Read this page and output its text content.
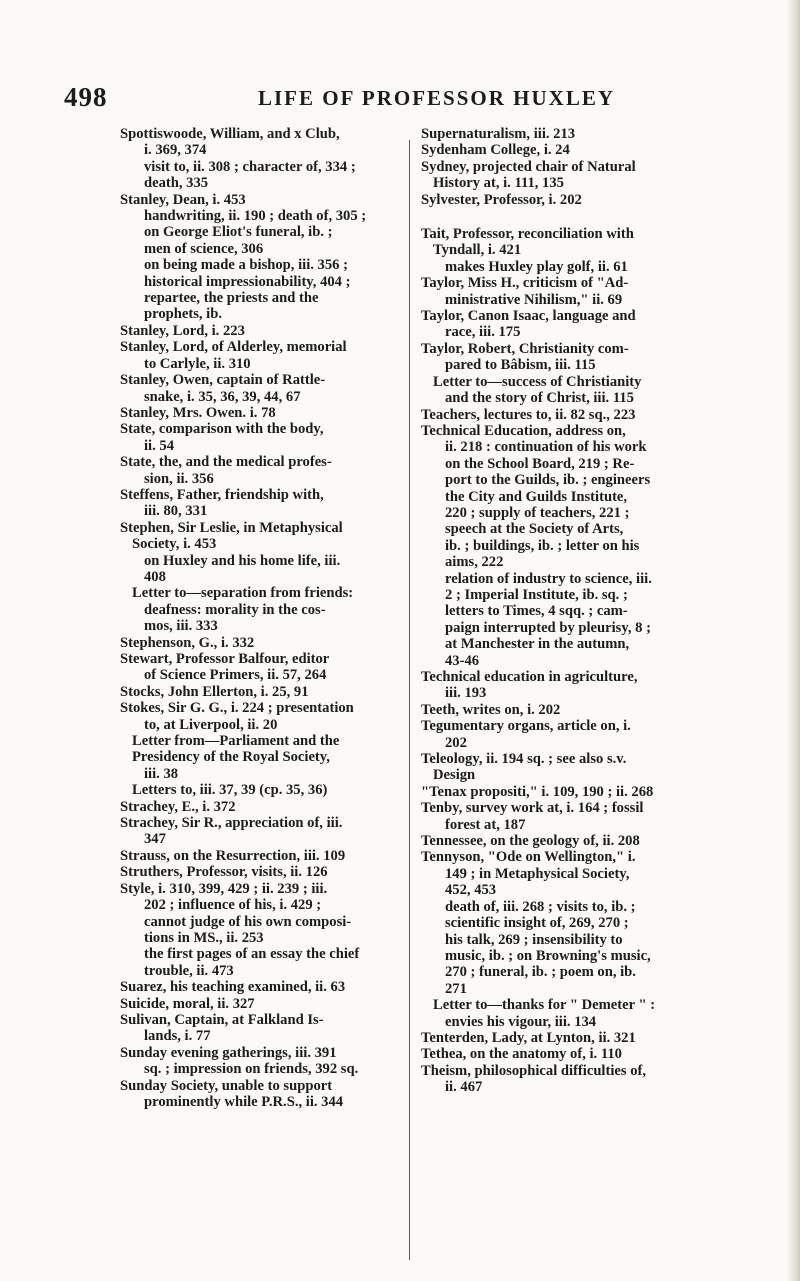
498	LIFE OF PROFESSOR HUXLEY
Spottiswoode, William, and x Club,
i. 369, 374
visit to, ii. 308 ; character of, 334 ;
death, 335
Stanley, Dean, i. 453
handwriting, ii. 190 ; death of, 305 ;
on George Eliot's funeral, ib. ;
men of science, 306
on being made a bishop, iii. 356 ;
historical impressionability, 404 ;
repartee, the priests and the
prophets, ib.
Stanley, Lord, i. 223
Stanley, Lord, of Alderley, memorial
to Carlyle, ii. 310
Stanley, Owen, captain of Rattle-
snake, i. 35, 36, 39, 44, 67
Stanley, Mrs. Owen. i. 78
State, comparison with the body,
ii. 54
State, the, and the medical profes-
sion, ii. 356
Steffens, Father, friendship with,
iii. 80, 331
Stephen, Sir Leslie, in Metaphysical
Society, i. 453
on Huxley and his home life, iii.
408
Letter to—separation from friends:
deafness: morality in the cos-
mos, iii. 333
Stephenson, G., i. 332
Stewart, Professor Balfour, editor
of Science Primers, ii. 57, 264
Stocks, John Ellerton, i. 25, 91
Stokes, Sir G. G., i. 224 ; presentation
to, at Liverpool, ii. 20
Letter from—Parliament and the
Presidency of the Royal Society,
iii. 38
Letters to, iii. 37, 39 (cp. 35, 36)
Strachey, E., i. 372
Strachey, Sir R., appreciation of, iii.
347
Strauss, on the Resurrection, iii. 109
Struthers, Professor, visits, ii. 126
Style, i. 310, 399, 429 ; ii. 239 ; iii.
202 ; influence of his, i. 429 ;
cannot judge of his own composi-
tions in MS., ii. 253
the first pages of an essay the chief
trouble, ii. 473
Suarez, his teaching examined, ii. 63
Suicide, moral, ii. 327
Sulivan, Captain, at Falkland Is-
lands, i. 77
Sunday evening gatherings, iii. 391
sq. ; impression on friends, 392 sq.
Sunday Society, unable to support
prominently while P.R.S., ii. 344
Supernaturalism, iii. 213
Sydenham College, i. 24
Sydney, projected chair of Natural
History at, i. 111, 135
Sylvester, Professor, i. 202
Tait, Professor, reconciliation with
Tyndall, i. 421
makes Huxley play golf, ii. 61
Taylor, Miss H., criticism of "Ad-
ministrative Nihilism," ii. 69
Taylor, Canon Isaac, language and
race, iii. 175
Taylor, Robert, Christianity com-
pared to Bâbism, iii. 115
Letter to—success of Christianity
and the story of Christ, iii. 115
Teachers, lectures to, ii. 82 sq., 223
Technical Education, address on,
ii. 218 : continuation of his work
on the School Board, 219 ; Re-
port to the Guilds, ib. ; engineers
the City and Guilds Institute,
220 ; supply of teachers, 221 ;
speech at the Society of Arts,
ib. ; buildings, ib. ; letter on his
aims, 222
relation of industry to science, iii.
2 ; Imperial Institute, ib. sq. ;
letters to Times, 4 sqq. ; cam-
paign interrupted by pleurisy, 8 ;
at Manchester in the autumn,
43-46
Technical education in agriculture,
iii. 193
Teeth, writes on, i. 202
Tegumentary organs, article on, i.
202
Teleology, ii. 194 sq. ; see also s.v.
Design
"Tenax propositi," i. 109, 190 ; ii. 268
Tenby, survey work at, i. 164 ; fossil
forest at, 187
Tennessee, on the geology of, ii. 208
Tennyson, "Ode on Wellington," i.
149 ; in Metaphysical Society,
452, 453
death of, iii. 268 ; visits to, ib. ;
scientific insight of, 269, 270 ;
his talk, 269 ; insensibility to
music, ib. ; on Browning's music,
270 ; funeral, ib. ; poem on, ib.
271
Letter to—thanks for " Demeter " :
envies his vigour, iii. 134
Tenterden, Lady, at Lynton, ii. 321
Tethea, on the anatomy of, i. 110
Theism, philosophical difficulties of,
ii. 467
